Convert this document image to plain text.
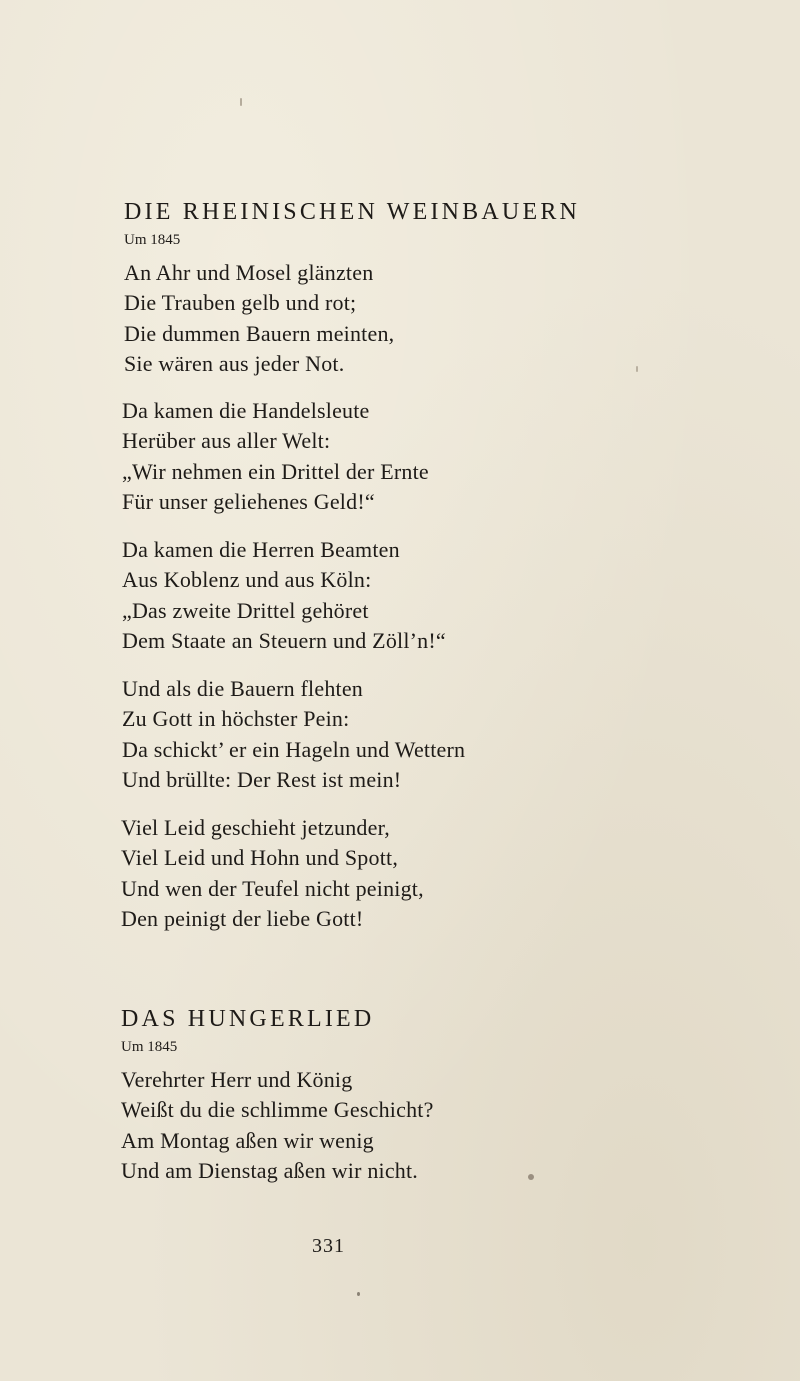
DIE RHEINISCHEN WEINBAUERN
Um 1845
An Ahr und Mosel glänzten
Die Trauben gelb und rot;
Die dummen Bauern meinten,
Sie wären aus jeder Not.
Da kamen die Handelsleute
Herüber aus aller Welt:
„Wir nehmen ein Drittel der Ernte
Für unser geliehenes Geld!“
Da kamen die Herren Beamten
Aus Koblenz und aus Köln:
„Das zweite Drittel gehöret
Dem Staate an Steuern und Zöll’n!“
Und als die Bauern flehten
Zu Gott in höchster Pein:
Da schickt’ er ein Hageln und Wettern
Und brüllte: Der Rest ist mein!
Viel Leid geschieht jetzunder,
Viel Leid und Hohn und Spott,
Und wen der Teufel nicht peinigt,
Den peinigt der liebe Gott!
DAS HUNGERLIED
Um 1845
Verehrter Herr und König
Weißt du die schlimme Geschicht?
Am Montag aßen wir wenig
Und am Dienstag aßen wir nicht.
331
